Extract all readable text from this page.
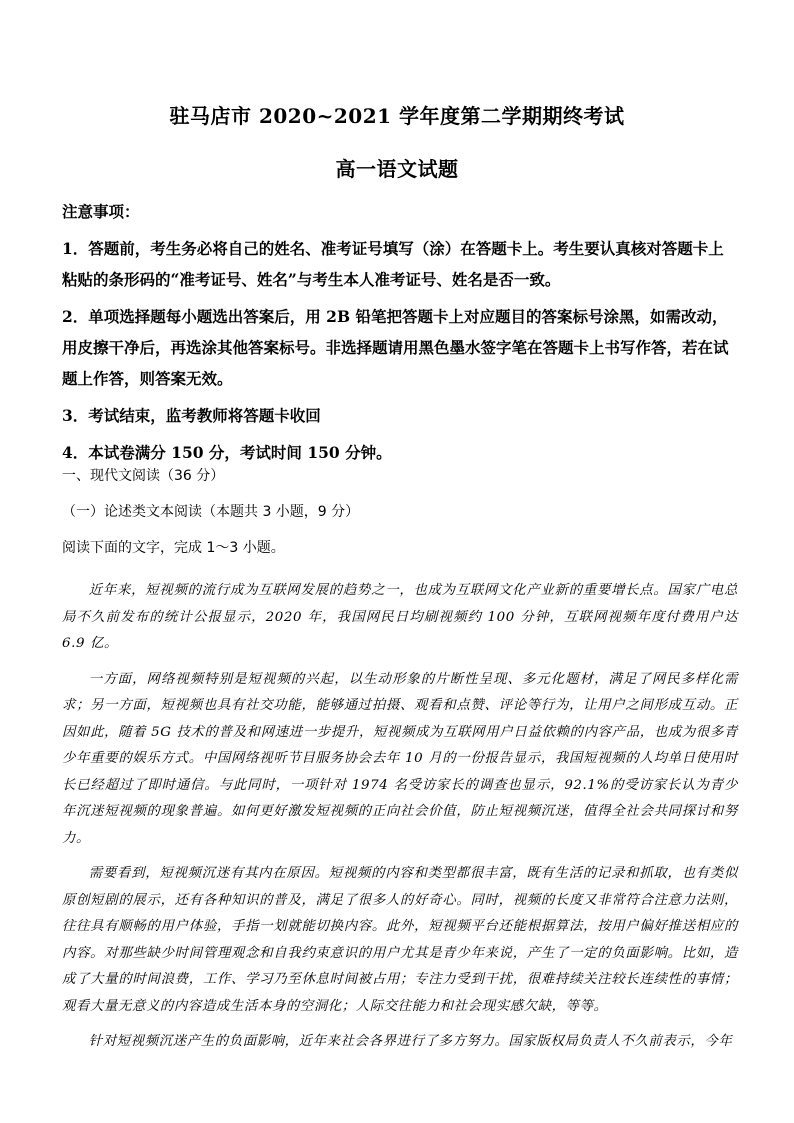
驻马店市 2020~2021 学年度第二学期期终考试
高一语文试题

注意事项：

1．答题前，考生务必将自己的姓名、准考证号填写（涂）在答题卡上。考生要认真核对答题卡上粘贴的条形码的“准考证号、姓名”与考生本人准考证号、姓名是否一致。

2．单项选择题每小题选出答案后，用 2B 铅笔把答题卡上对应题目的答案标号涂黑，如需改动，用皮擦干净后，再选涂其他答案标号。非选择题请用黑色墨水签字笔在答题卡上书写作答，若在试题上作答，则答案无效。

3．考试结束，监考教师将答题卡收回

4．本试卷满分 150 分，考试时间 150 分钟。

一、现代文阅读（36 分）

（一）论述类文本阅读（本题共 3 小题，9 分）

阅读下面的文字，完成 1～3 小题。

近年来，短视频的流行成为互联网发展的趋势之一，也成为互联网文化产业新的重要增长点。国家广电总局不久前发布的统计公报显示，2020 年，我国网民日均刷视频约 100 分钟，互联网视频年度付费用户达 6.9 亿。

一方面，网络视频特别是短视频的兴起，以生动形象的片断性呈现、多元化题材，满足了网民多样化需求；另一方面，短视频也具有社交功能，能够通过拍摄、观看和点赞、评论等行为，让用户之间形成互动。正因如此，随着 5G 技术的普及和网速进一步提升，短视频成为互联网用户日益依赖的内容产品，也成为很多青少年重要的娱乐方式。中国网络视听节目服务协会去年 10 月的一份报告显示，我国短视频的人均单日使用时长已经超过了即时通信。与此同时，一项针对 1974 名受访家长的调查也显示，92.1%的受访家长认为青少年沉迷短视频的现象普遍。如何更好激发短视频的正向社会价值，防止短视频沉迷，值得全社会共同探讨和努力。

需要看到，短视频沉迷有其内在原因。短视频的内容和类型都很丰富，既有生活的记录和抓取，也有类似原创短剧的展示，还有各种知识的普及，满足了很多人的好奇心。同时，视频的长度又非常符合注意力法则，往往具有顺畅的用户体验，手指一划就能切换内容。此外，短视频平台还能根据算法，按用户偏好推送相应的内容。对那些缺少时间管理观念和自我约束意识的用户尤其是青少年来说，产生了一定的负面影响。比如，造成了大量的时间浪费，工作、学习乃至休息时间被占用；专注力受到干扰，很难持续关注较长连续性的事情；观看大量无意义的内容造成生活本身的空洞化；人际交往能力和社会现实感欠缺，等等。

针对短视频沉迷产生的负面影响，近年来社会各界进行了多方努力。国家版权局负责人不久前表示，今年
